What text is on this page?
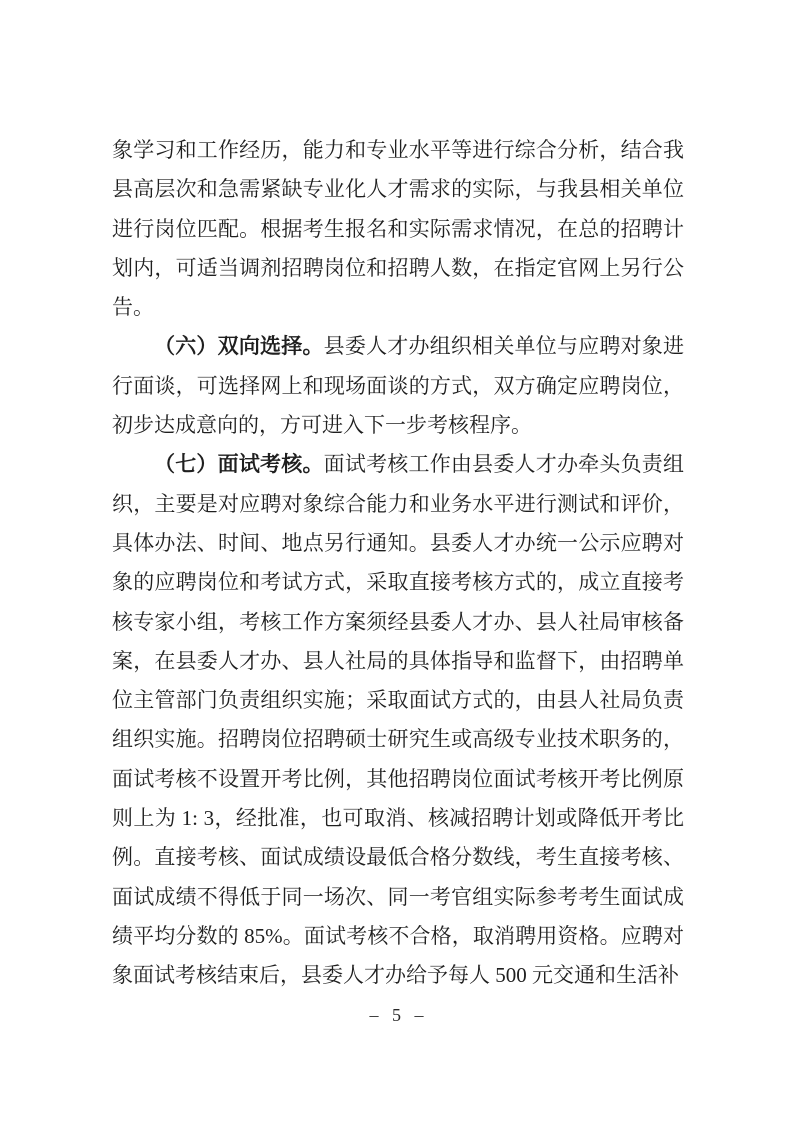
象学习和工作经历，能力和专业水平等进行综合分析，结合我县高层次和急需紧缺专业化人才需求的实际，与我县相关单位进行岗位匹配。根据考生报名和实际需求情况，在总的招聘计划内，可适当调剂招聘岗位和招聘人数，在指定官网上另行公告。

（六）双向选择。县委人才办组织相关单位与应聘对象进行面谈，可选择网上和现场面谈的方式，双方确定应聘岗位，初步达成意向的，方可进入下一步考核程序。

（七）面试考核。面试考核工作由县委人才办牵头负责组织，主要是对应聘对象综合能力和业务水平进行测试和评价，具体办法、时间、地点另行通知。县委人才办统一公示应聘对象的应聘岗位和考试方式，采取直接考核方式的，成立直接考核专家小组，考核工作方案须经县委人才办、县人社局审核备案，在县委人才办、县人社局的具体指导和监督下，由招聘单位主管部门负责组织实施；采取面试方式的，由县人社局负责组织实施。招聘岗位招聘硕士研究生或高级专业技术职务的，面试考核不设置开考比例，其他招聘岗位面试考核开考比例原则上为 1: 3，经批准，也可取消、核减招聘计划或降低开考比例。直接考核、面试成绩设最低合格分数线，考生直接考核、面试成绩不得低于同一场次、同一考官组实际参考考生面试成绩平均分数的 85%。面试考核不合格，取消聘用资格。应聘对象面试考核结束后，县委人才办给予每人 500 元交通和生活补

– 5 –
